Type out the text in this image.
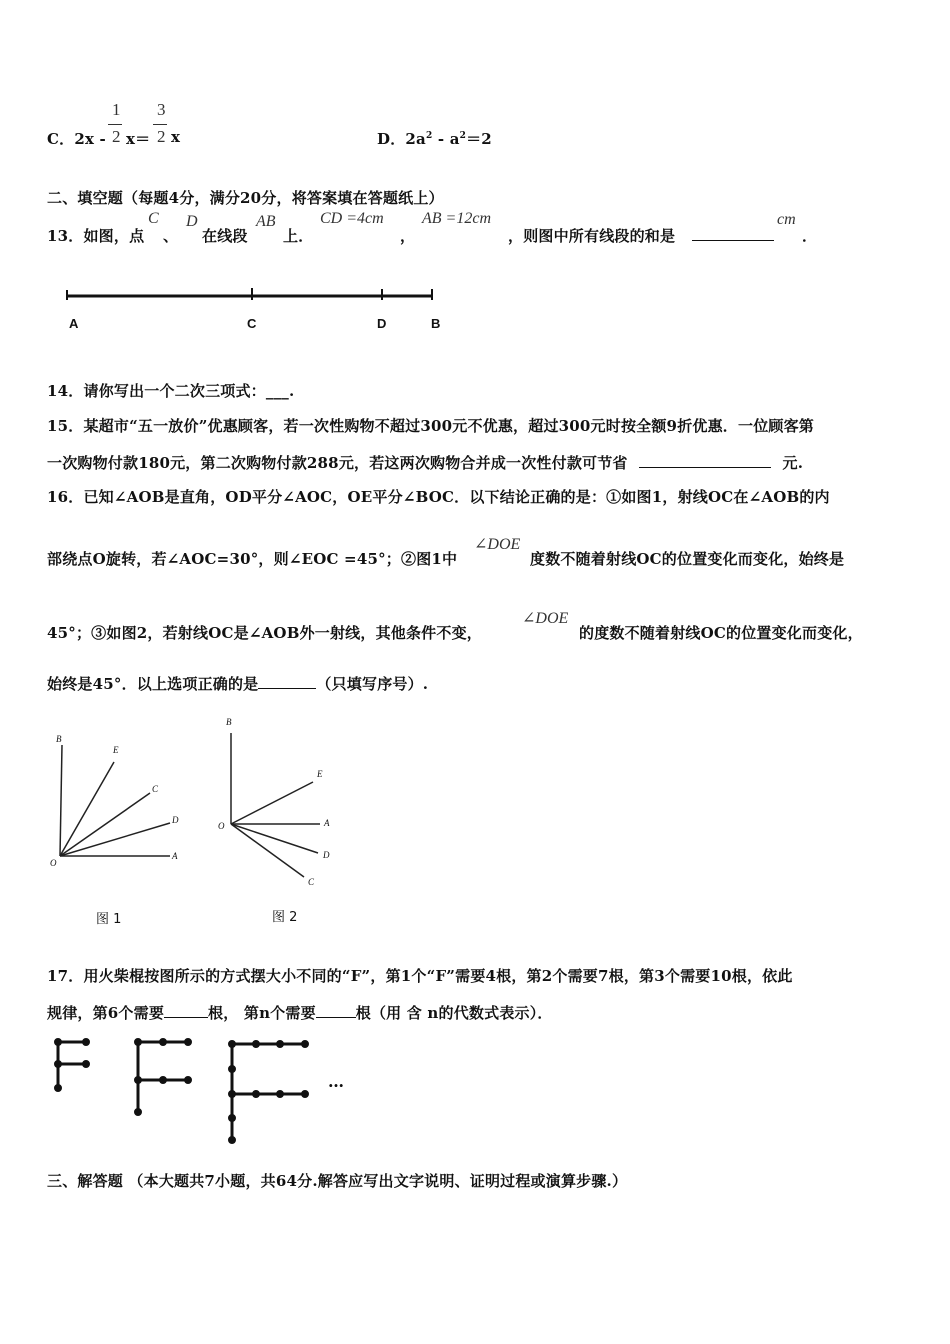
C．2x -
1
2 x＝
3
2 x	D．$2a^2 - a^2=2$
二、填空题（每题4分，满分20分，将答案填在答题纸上）
13．如图，点
C
、
D
在线段
AB
上．
CD =4cm
，
AB =12cm
，则图中所有线段的和是
cm
．
A	C	D	B
14．请你写出一个二次三项式：___.
15．某超市“五一放价”优惠顾客，若一次性购物不超过300元不优惠，超过300元时按全额9折优惠．一位顾客第
一次购物付款180元，第二次购物付款288元，若这两次购物合并成一次性付款可节省	元.
16．已知∠AOB是直角，OD平分∠AOC，OE平分∠BOC．以下结论正确的是：①如图1，射线OC在∠AOB的内
部绕点O旋转，若∠AOC=30°，则∠EOC =45°；②图1中
∠DOE
度数不随着射线OC的位置变化而变化，始终是
45°；③如图2，若射线OC是∠AOB外一射线，其他条件不变，
∠DOE
的度数不随着射线OC的位置变化而变化，
始终是45°．以上选项正确的是	（只填写序号）.
B
E
C
D
O
A
图 1
B
E
O	A
D
C
图 2
17．用火柴棍按图所示的方式摆大小不同的“F”，第1个“F”需要4根，第2个需要7根，第3个需要10根，依此
规律，第6个需要	根， 第n个需要	根（用 含 n的代数式表示）．
…
三、解答题 （本大题共7小题，共64分.解答应写出文字说明、证明过程或演算步骤.）
